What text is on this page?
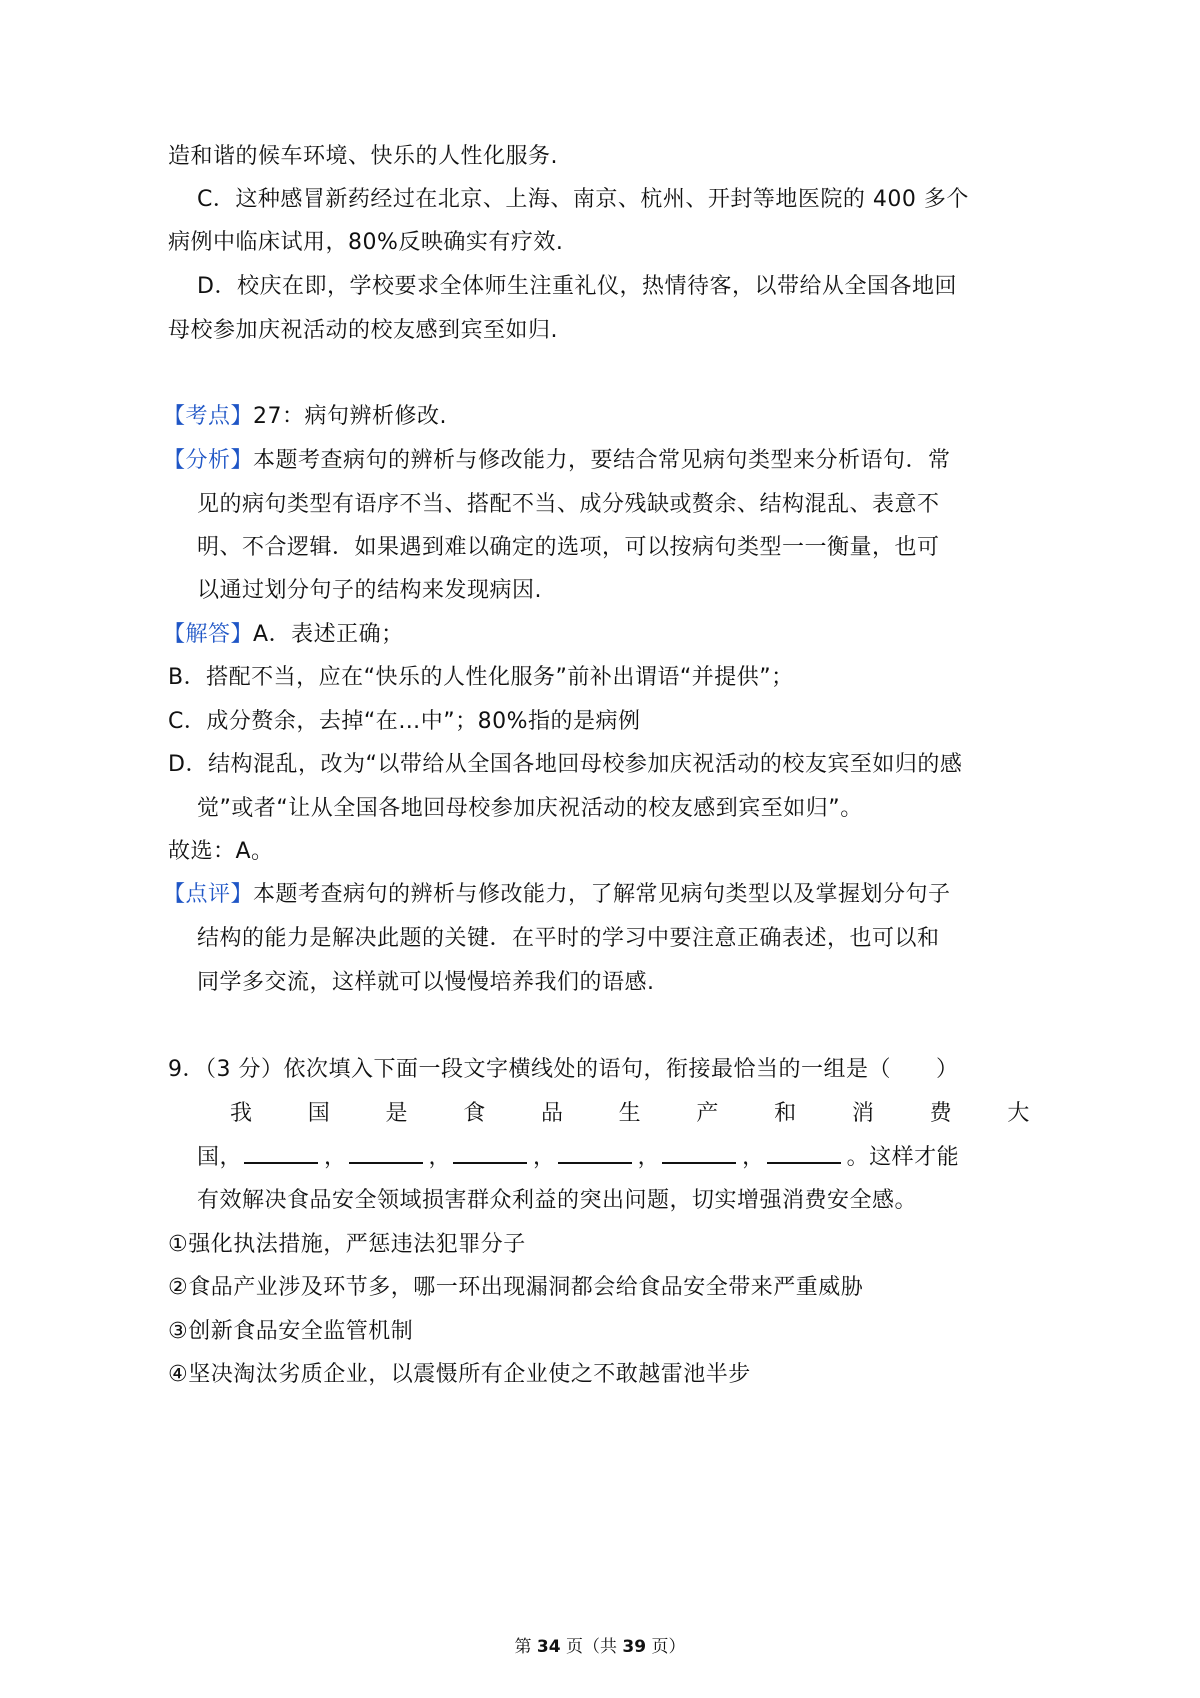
造和谐的候车环境、快乐的人性化服务.
C．这种感冒新药经过在北京、上海、南京、杭州、开封等地医院的 400 多个
病例中临床试用，80%反映确实有疗效.
D．校庆在即，学校要求全体师生注重礼仪，热情待客，以带给从全国各地回
母校参加庆祝活动的校友感到宾至如归.
【考点】27：病句辨析修改.
【分析】本题考查病句的辨析与修改能力，要结合常见病句类型来分析语句．常
见的病句类型有语序不当、搭配不当、成分残缺或赘余、结构混乱、表意不
明、不合逻辑．如果遇到难以确定的选项，可以按病句类型一一衡量，也可
以通过划分句子的结构来发现病因.
【解答】A．表述正确；
B．搭配不当，应在“快乐的人性化服务”前补出谓语“并提供”；
C．成分赘余，去掉“在…中”；80%指的是病例
D．结构混乱，改为“以带给从全国各地回母校参加庆祝活动的校友宾至如归的感
觉”或者“让从全国各地回母校参加庆祝活动的校友感到宾至如归”。
故选：A。
【点评】本题考查病句的辨析与修改能力，了解常见病句类型以及掌握划分句子
结构的能力是解决此题的关键．在平时的学习中要注意正确表述，也可以和
同学多交流，这样就可以慢慢培养我们的语感.
9．（3 分）依次填入下面一段文字横线处的语句，衔接最恰当的一组是（　　）
我	国	是	食	品	生	产	和	消	费	大
国，	，	，	，	，	，	。这样才能
有效解决食品安全领域损害群众利益的突出问题，切实增强消费安全感。
①强化执法措施，严惩违法犯罪分子
②食品产业涉及环节多，哪一环出现漏洞都会给食品安全带来严重威胁
③创新食品安全监管机制
④坚决淘汰劣质企业，以震慑所有企业使之不敢越雷池半步
第 34 页（共 39 页）
